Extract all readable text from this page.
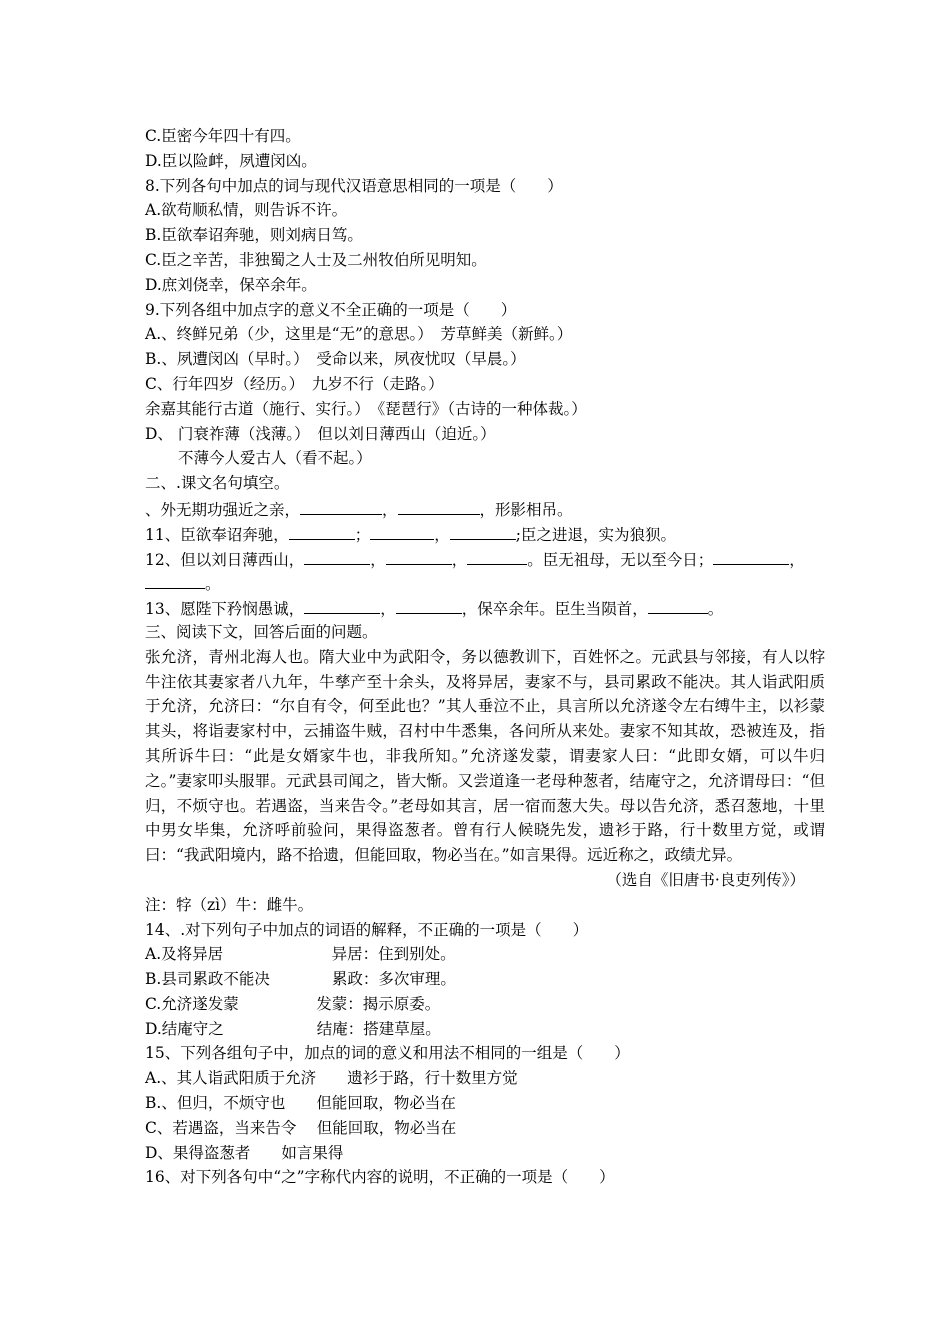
C.臣密今年四十有四。
D.臣以险衅，夙遭闵凶。
8.下列各句中加点的词与现代汉语意思相同的一项是（　　）
A.欲苟顺私情，则告诉不许。
B.臣欲奉诏奔驰，则刘病日笃。
C.臣之辛苦，非独蜀之人士及二州牧伯所见明知。
D.庶刘侥幸，保卒余年。
9.下列各组中加点字的意义不全正确的一项是（　　）
A.、终鲜兄弟（少，这里是“无”的意思。）　芳草鲜美（新鲜。）
B.、夙遭闵凶（早时。）　受命以来，夙夜忧叹（早晨。）
C、行年四岁（经历。）　九岁不行（走路。）
余嘉其能行古道（施行、实行。）　《琵琶行》（古诗的一种体裁。）
D、 门衰祚薄（浅薄。）　但以刘日薄西山（迫近。）
不薄今人爱古人（看不起。）
二、.课文名句填空。
、外无期功强近之亲，	，	，形影相吊。
11、臣欲奉诏奔驰，	；	，	;臣之进退，实为狼狈。
12、但以刘日薄西山，	，	，	。臣无祖母，无以至今日；	，
。
13、愿陛下矜悯愚诚，	，	，保卒余年。臣生当陨首，	。
三、阅读下文，回答后面的问题。
张允济，青州北海人也。隋大业中为武阳令，务以德教训下，百姓怀之。元武县与邻接，有人以牸牛注依其妻家者八九年，牛孳产至十余头，及将异居，妻家不与，县司累政不能决。其人诣武阳质于允济，允济曰：“尔自有令，何至此也？”其人垂泣不止，具言所以允济遂令左右缚牛主，以衫蒙其头，将诣妻家村中，云捕盗牛贼，召村中牛悉集，各问所从来处。妻家不知其故，恐被连及，指其所诉牛曰：“此是女婿家牛也，非我所知。”允济遂发蒙，谓妻家人曰：“此即女婿，可以牛归之。”妻家叩头服罪。元武县司闻之，皆大惭。又尝道逢一老母种葱者，结庵守之，允济谓母曰：“但归，不烦守也。若遇盗，当来告令。”老母如其言，居一宿而葱大失。母以告允济，悉召葱地，十里中男女毕集，允济呼前验问，果得盗葱者。曾有行人候晓先发，遗衫于路，行十数里方觉，或谓曰：“我武阳境内，路不拾遗，但能回取，物必当在。”如言果得。远近称之，政绩尤异。
（选自《旧唐书·良吏列传》）
注：牸（zì）牛：雌牛。
14、.对下列句子中加点的词语的解释，不正确的一项是（　　）
A.及将异居　　　　　　　异居：住到别处。
B.县司累政不能决　　　　累政：多次审理。
C.允济遂发蒙　　　　　发蒙：揭示原委。
D.结庵守之　　　　　　结庵：搭建草屋。
15、下列各组句子中，加点的词的意义和用法不相同的一组是（　　）
A.、其人诣武阳质于允济　　遗衫于路，行十数里方觉
B.、但归，不烦守也　　但能回取，物必当在
C、若遇盗，当来告令　 但能回取，物必当在
D、果得盗葱者　　如言果得
16、对下列各句中“之”字称代内容的说明，不正确的一项是（　　）
